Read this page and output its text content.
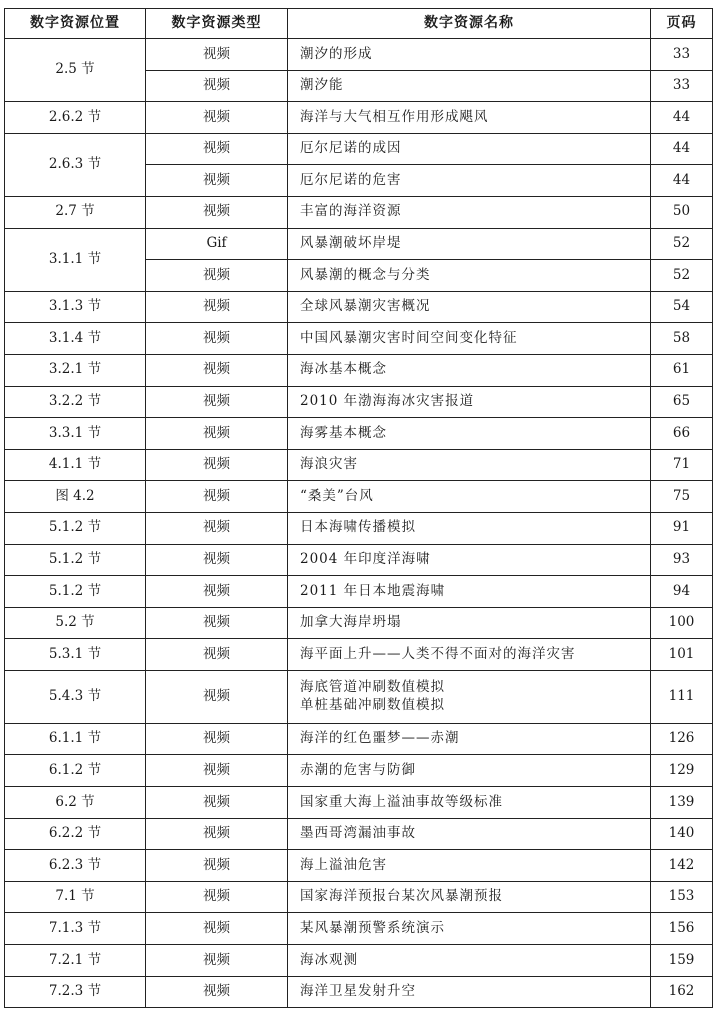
数字资源位置	数字资源类型	数字资源名称	页码
2.5 节	视频	潮汐的形成	33
	视频	潮汐能	33
2.6.2 节	视频	海洋与大气相互作用形成飓风	44
2.6.3 节	视频	厄尔尼诺的成因	44
	视频	厄尔尼诺的危害	44
2.7 节	视频	丰富的海洋资源	50
3.1.1 节	Gif	风暴潮破坏岸堤	52
	视频	风暴潮的概念与分类	52
3.1.3 节	视频	全球风暴潮灾害概况	54
3.1.4 节	视频	中国风暴潮灾害时间空间变化特征	58
3.2.1 节	视频	海冰基本概念	61
3.2.2 节	视频	2010 年渤海海冰灾害报道	65
3.3.1 节	视频	海雾基本概念	66
4.1.1 节	视频	海浪灾害	71
图 4.2	视频	“桑美”台风	75
5.1.2 节	视频	日本海啸传播模拟	91
5.1.2 节	视频	2004 年印度洋海啸	93
5.1.2 节	视频	2011 年日本地震海啸	94
5.2 节	视频	加拿大海岸坍塌	100
5.3.1 节	视频	海平面上升——人类不得不面对的海洋灾害	101
5.4.3 节	视频	海底管道冲刷数值模拟
单桩基础冲刷数值模拟	111
6.1.1 节	视频	海洋的红色噩梦——赤潮	126
6.1.2 节	视频	赤潮的危害与防御	129
6.2 节	视频	国家重大海上溢油事故等级标准	139
6.2.2 节	视频	墨西哥湾漏油事故	140
6.2.3 节	视频	海上溢油危害	142
7.1 节	视频	国家海洋预报台某次风暴潮预报	153
7.1.3 节	视频	某风暴潮预警系统演示	156
7.2.1 节	视频	海冰观测	159
7.2.3 节	视频	海洋卫星发射升空	162
